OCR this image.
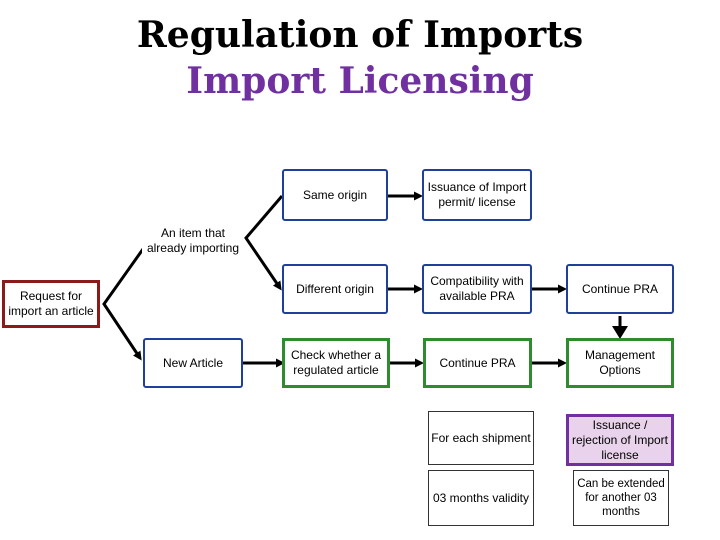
Regulation of Imports
Import Licensing
Request for import an article
An item that already importing
New Article
Same origin
Different origin
Check whether a regulated article
Issuance of Import permit/ license
Compatibility with available PRA
Continue PRA
Continue PRA
Management Options
For each shipment
Issuance / rejection of Import license
03 months validity
Can be extended for another 03 months
